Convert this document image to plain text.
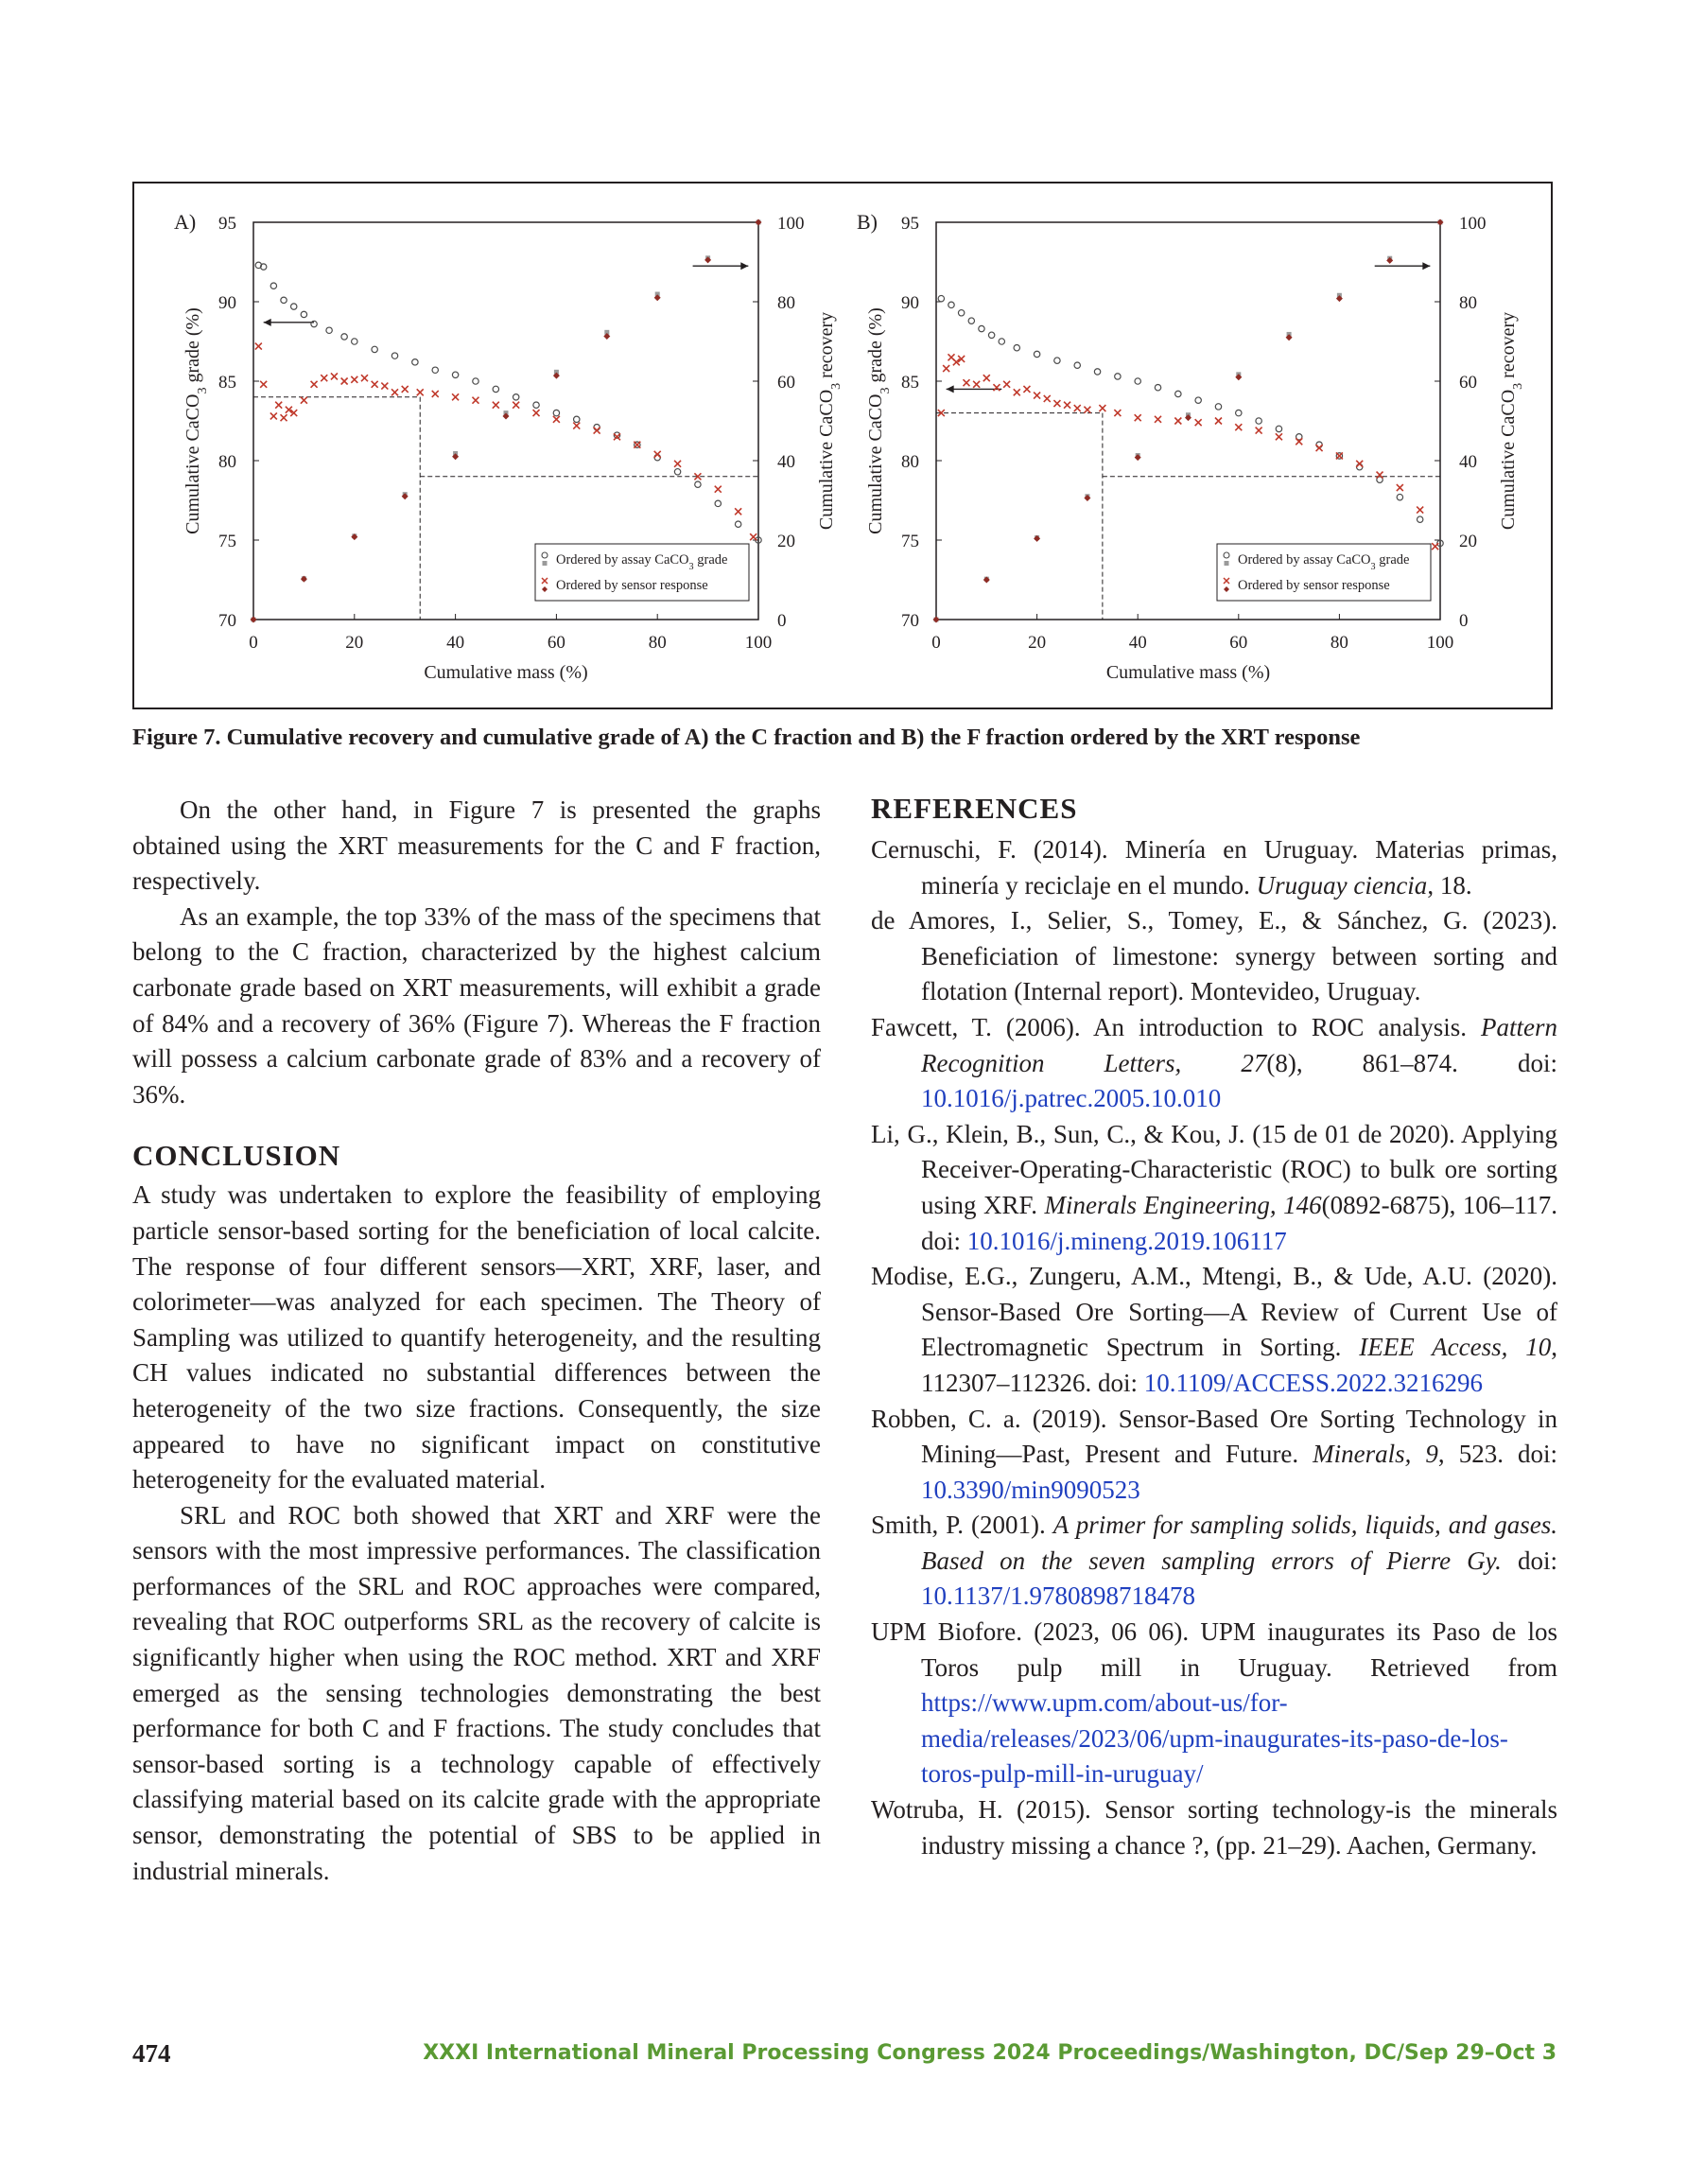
0	20	40	60	80	100
70
75
80
85
90
95
0
20
40
60
80
100
A)
Cumulative mass (%)
Cumulative CaCO$_3$ grade (%)
Cumulative CaCO$_3$ recovery
Ordered by assay CaCO$_3$ grade
Ordered by sensor response
0	20	40	60	80	100
70
75
80
85
90
95
0
20
40
60
80
100
B)
Cumulative mass (%)
Cumulative CaCO$_3$ grade (%)
Cumulative CaCO$_3$ recovery
Ordered by assay CaCO$_3$ grade
Ordered by sensor response
Figure 7. Cumulative recovery and cumulative grade of A) the C fraction and B) the F fraction ordered by the XRT response

On the other hand, in Figure 7 is presented the graphs obtained using the XRT measurements for the C and F fraction, respectively.

As an example, the top 33% of the mass of the specimens that belong to the C fraction, characterized by the highest calcium carbonate grade based on XRT measurements, will exhibit a grade of 84% and a recovery of 36% (Figure 7). Whereas the F fraction will possess a calcium carbonate grade of 83% and a recovery of 36%.

CONCLUSION

A study was undertaken to explore the feasibility of employing particle sensor-based sorting for the beneficiation of local calcite. The response of four different sensors—XRT, XRF, laser, and colorimeter—was analyzed for each specimen. The Theory of Sampling was utilized to quantify heterogeneity, and the resulting CH values indicated no substantial differences between the heterogeneity of the two size fractions. Consequently, the size appeared to have no significant impact on constitutive heterogeneity for the evaluated material.

SRL and ROC both showed that XRT and XRF were the sensors with the most impressive performances. The classification performances of the SRL and ROC approaches were compared, revealing that ROC outperforms SRL as the recovery of calcite is significantly higher when using the ROC method. XRT and XRF emerged as the sensing technologies demonstrating the best performance for both C and F fractions. The study concludes that sensor-based sorting is a technology capable of effectively classifying material based on its calcite grade with the appropriate sensor, demonstrating the potential of SBS to be applied in industrial minerals.

REFERENCES

Cernuschi, F. (2014). Minería en Uruguay. Materias primas, minería y reciclaje en el mundo. Uruguay ciencia, 18.

de Amores, I., Selier, S., Tomey, E., & Sánchez, G. (2023). Beneficiation of limestone: synergy between sorting and flotation (Internal report). Montevideo, Uruguay.

Fawcett, T. (2006). An introduction to ROC analysis. Pattern Recognition Letters, 27(8), 861–874. doi: 10.1016/j.patrec.2005.10.010

Li, G., Klein, B., Sun, C., & Kou, J. (15 de 01 de 2020). Applying Receiver-Operating-Characteristic (ROC) to bulk ore sorting using XRF. Minerals Engineering, 146(0892-6875), 106–117. doi: 10.1016/j.mineng.2019.106117

Modise, E.G., Zungeru, A.M., Mtengi, B., & Ude, A.U. (2020). Sensor-Based Ore Sorting—A Review of Current Use of Electromagnetic Spectrum in Sorting. IEEE Access, 10, 112307–112326. doi: 10.1109/ACCESS.2022.3216296

Robben, C. a. (2019). Sensor-Based Ore Sorting Technology in Mining—Past, Present and Future. Minerals, 9, 523. doi: 10.3390/min9090523

Smith, P. (2001). A primer for sampling solids, liquids, and gases. Based on the seven sampling errors of Pierre Gy. doi: 10.1137/1.9780898718478

UPM Biofore. (2023, 06 06). UPM inaugurates its Paso de los Toros pulp mill in Uruguay. Retrieved from https://www.upm.com/about-us/for-media/releases/2023/06/upm-inaugurates-its-paso-de-los-toros-pulp-mill-in-uruguay/

Wotruba, H. (2015). Sensor sorting technology-is the minerals industry missing a chance ?, (pp. 21–29). Aachen, Germany.

474	XXXI International Mineral Processing Congress 2024 Proceedings/Washington, DC/Sep 29–Oct 3
